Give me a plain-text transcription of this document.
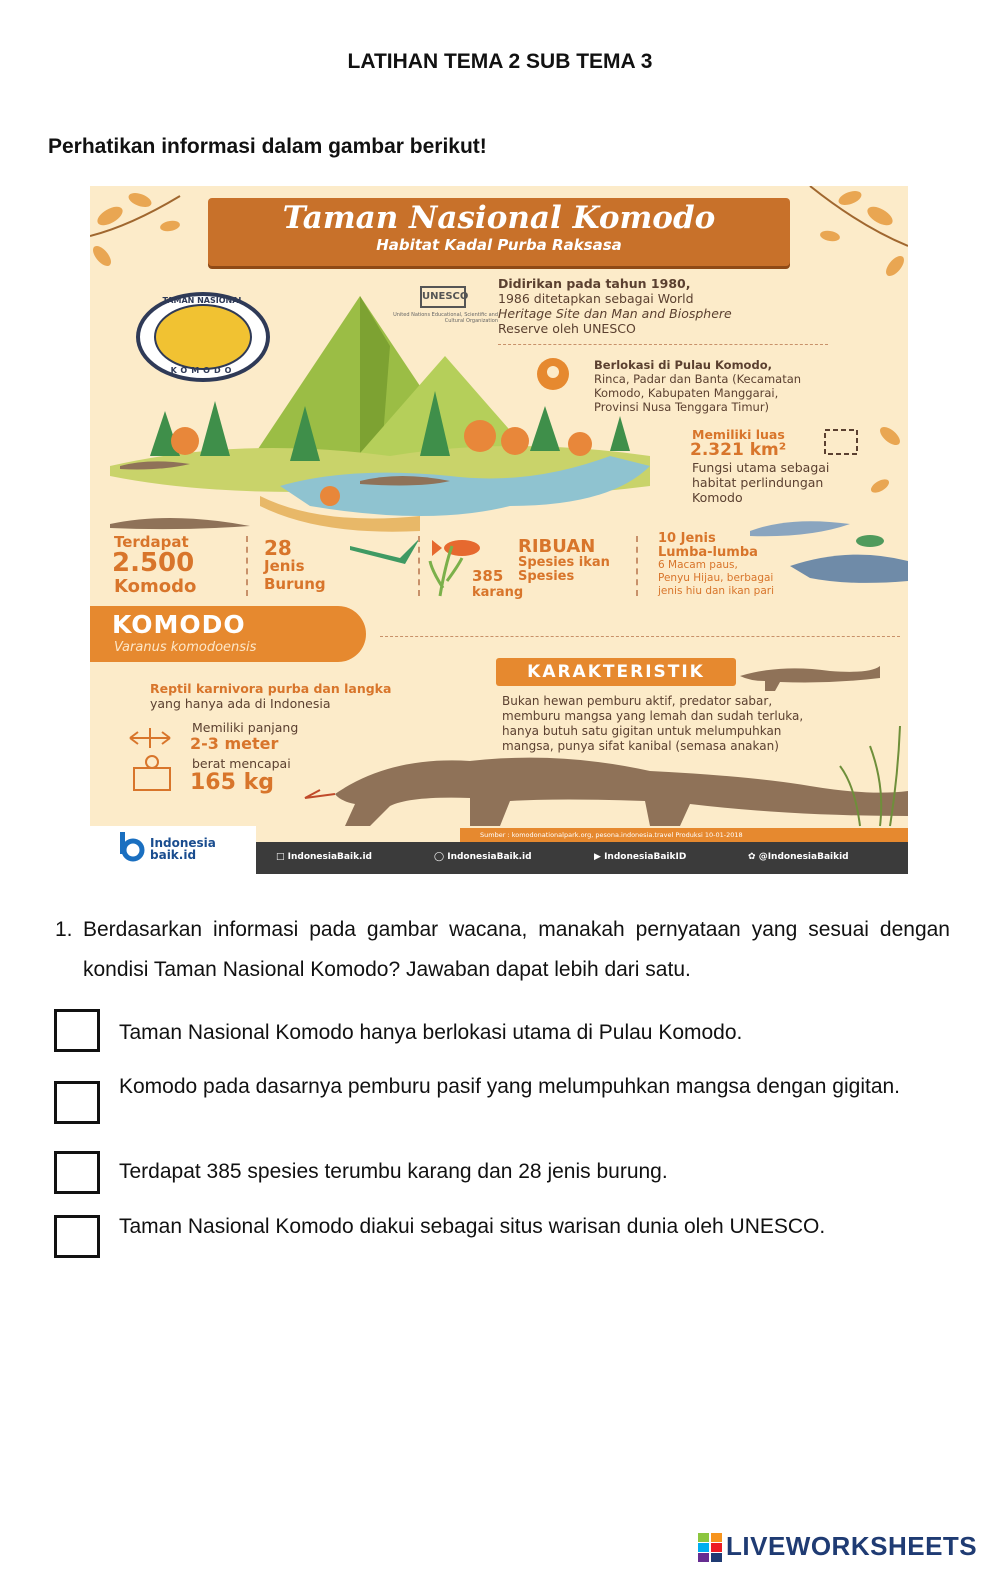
LATIHAN TEMA 2 SUB TEMA 3
Perhatikan informasi dalam gambar berikut!
Taman Nasional Komodo
Habitat Kadal Purba Raksasa
TAMAN NASIONAL
KOMODO
UNESCO
United Nations Educational, Scientific and Cultural Organization
Didirikan pada tahun 1980,
1986 ditetapkan sebagai World
Heritage Site dan Man and Biosphere
Reserve oleh UNESCO
Berlokasi di Pulau Komodo,
Rinca, Padar dan Banta (Kecamatan
Komodo, Kabupaten Manggarai,
Provinsi Nusa Tenggara Timur)
Memiliki luas
2.321 km²
Fungsi utama sebagai
habitat perlindungan
Komodo
Terdapat
2.500
Komodo
28
Jenis
Burung
RIBUAN
Spesies ikan
385 Spesies
karang
10 Jenis
Lumba-lumba
6 Macam paus,
Penyu Hijau, berbagai
jenis hiu dan ikan pari
KOMODO
Varanus komodoensis
Reptil karnivora purba dan langka
yang hanya ada di Indonesia
Memiliki panjang
2-3 meter
berat mencapai
165 kg
KARAKTERISTIK
Bukan hewan pemburu aktif, predator sabar,
memburu mangsa yang lemah dan sudah terluka,
hanya butuh satu gigitan untuk melumpuhkan
mangsa, punya sifat kanibal (semasa anakan)
Sumber : komodonationalpark.org, pesona.indonesia.travel Produksi 10-01-2018
Indonesia
baik.id	□ IndonesiaBaik.id	◯ IndonesiaBaik.id	▶ IndonesiaBaikID	✿ @IndonesiaBaikid
1. Berdasarkan informasi pada gambar wacana, manakah pernyataan yang sesuai dengan kondisi Taman Nasional Komodo? Jawaban dapat lebih dari satu.
Taman Nasional Komodo hanya berlokasi utama di Pulau Komodo.
Komodo pada dasarnya pemburu pasif yang melumpuhkan mangsa dengan gigitan.
Terdapat 385 spesies terumbu karang dan 28 jenis burung.
Taman Nasional Komodo diakui sebagai situs warisan dunia oleh UNESCO.
LIVEWORKSHEETS
